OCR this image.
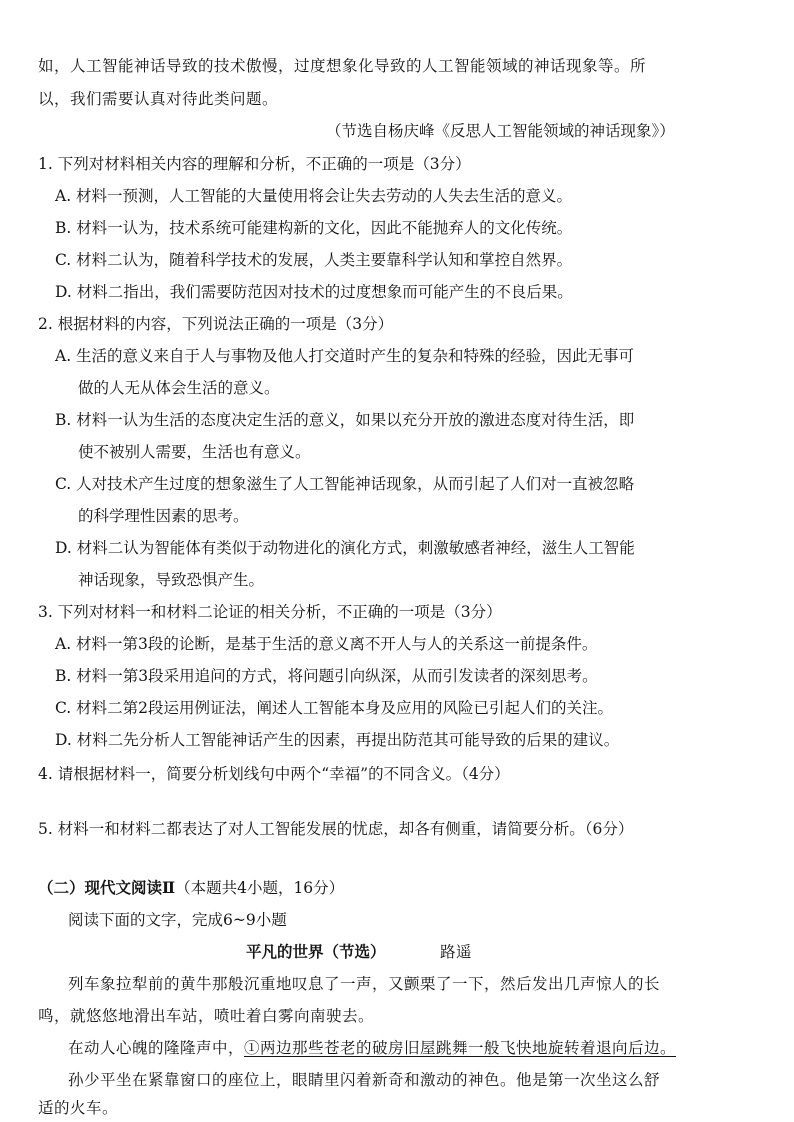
如，人工智能神话导致的技术傲慢，过度想象化导致的人工智能领域的神话现象等。所
以，我们需要认真对待此类问题。
（节选自杨庆峰《反思人工智能领域的神话现象》）
1. 下列对材料相关内容的理解和分析，不正确的一项是（3分）
A. 材料一预测，人工智能的大量使用将会让失去劳动的人失去生活的意义。
B. 材料一认为，技术系统可能建构新的文化，因此不能抛弃人的文化传统。
C. 材料二认为，随着科学技术的发展，人类主要靠科学认知和掌控自然界。
D. 材料二指出，我们需要防范因对技术的过度想象而可能产生的不良后果。
2. 根据材料的内容，下列说法正确的一项是（3分）
A. 生活的意义来自于人与事物及他人打交道时产生的复杂和特殊的经验，因此无事可
做的人无从体会生活的意义。
B. 材料一认为生活的态度决定生活的意义，如果以充分开放的激进态度对待生活，即
使不被别人需要，生活也有意义。
C. 人对技术产生过度的想象滋生了人工智能神话现象，从而引起了人们对一直被忽略
的科学理性因素的思考。
D. 材料二认为智能体有类似于动物进化的演化方式，刺激敏感者神经，滋生人工智能
神话现象，导致恐惧产生。
3. 下列对材料一和材料二论证的相关分析，不正确的一项是（3分）
A. 材料一第3段的论断，是基于生活的意义离不开人与人的关系这一前提条件。
B. 材料一第3段采用追问的方式，将问题引向纵深，从而引发读者的深刻思考。
C. 材料二第2段运用例证法，阐述人工智能本身及应用的风险已引起人们的关注。
D. 材料二先分析人工智能神话产生的因素，再提出防范其可能导致的后果的建议。
4. 请根据材料一，简要分析划线句中两个“幸福”的不同含义。（4分）
5. 材料一和材料二都表达了对人工智能发展的忧虑，却各有侧重，请简要分析。（6分）
（二）现代文阅读Ⅱ（本题共4小题，16分）
阅读下面的文字，完成6~9小题
平凡的世界（节选）	路遥
列车象拉犁前的黄牛那般沉重地叹息了一声，又颤栗了一下，然后发出几声惊人的长
鸣，就悠悠地滑出车站，喷吐着白雾向南驶去。
在动人心魄的隆隆声中，①两边那些苍老的破房旧屋跳舞一般飞快地旋转着退向后边。
孙少平坐在紧靠窗口的座位上，眼睛里闪着新奇和激动的神色。他是第一次坐这么舒
适的火车。
